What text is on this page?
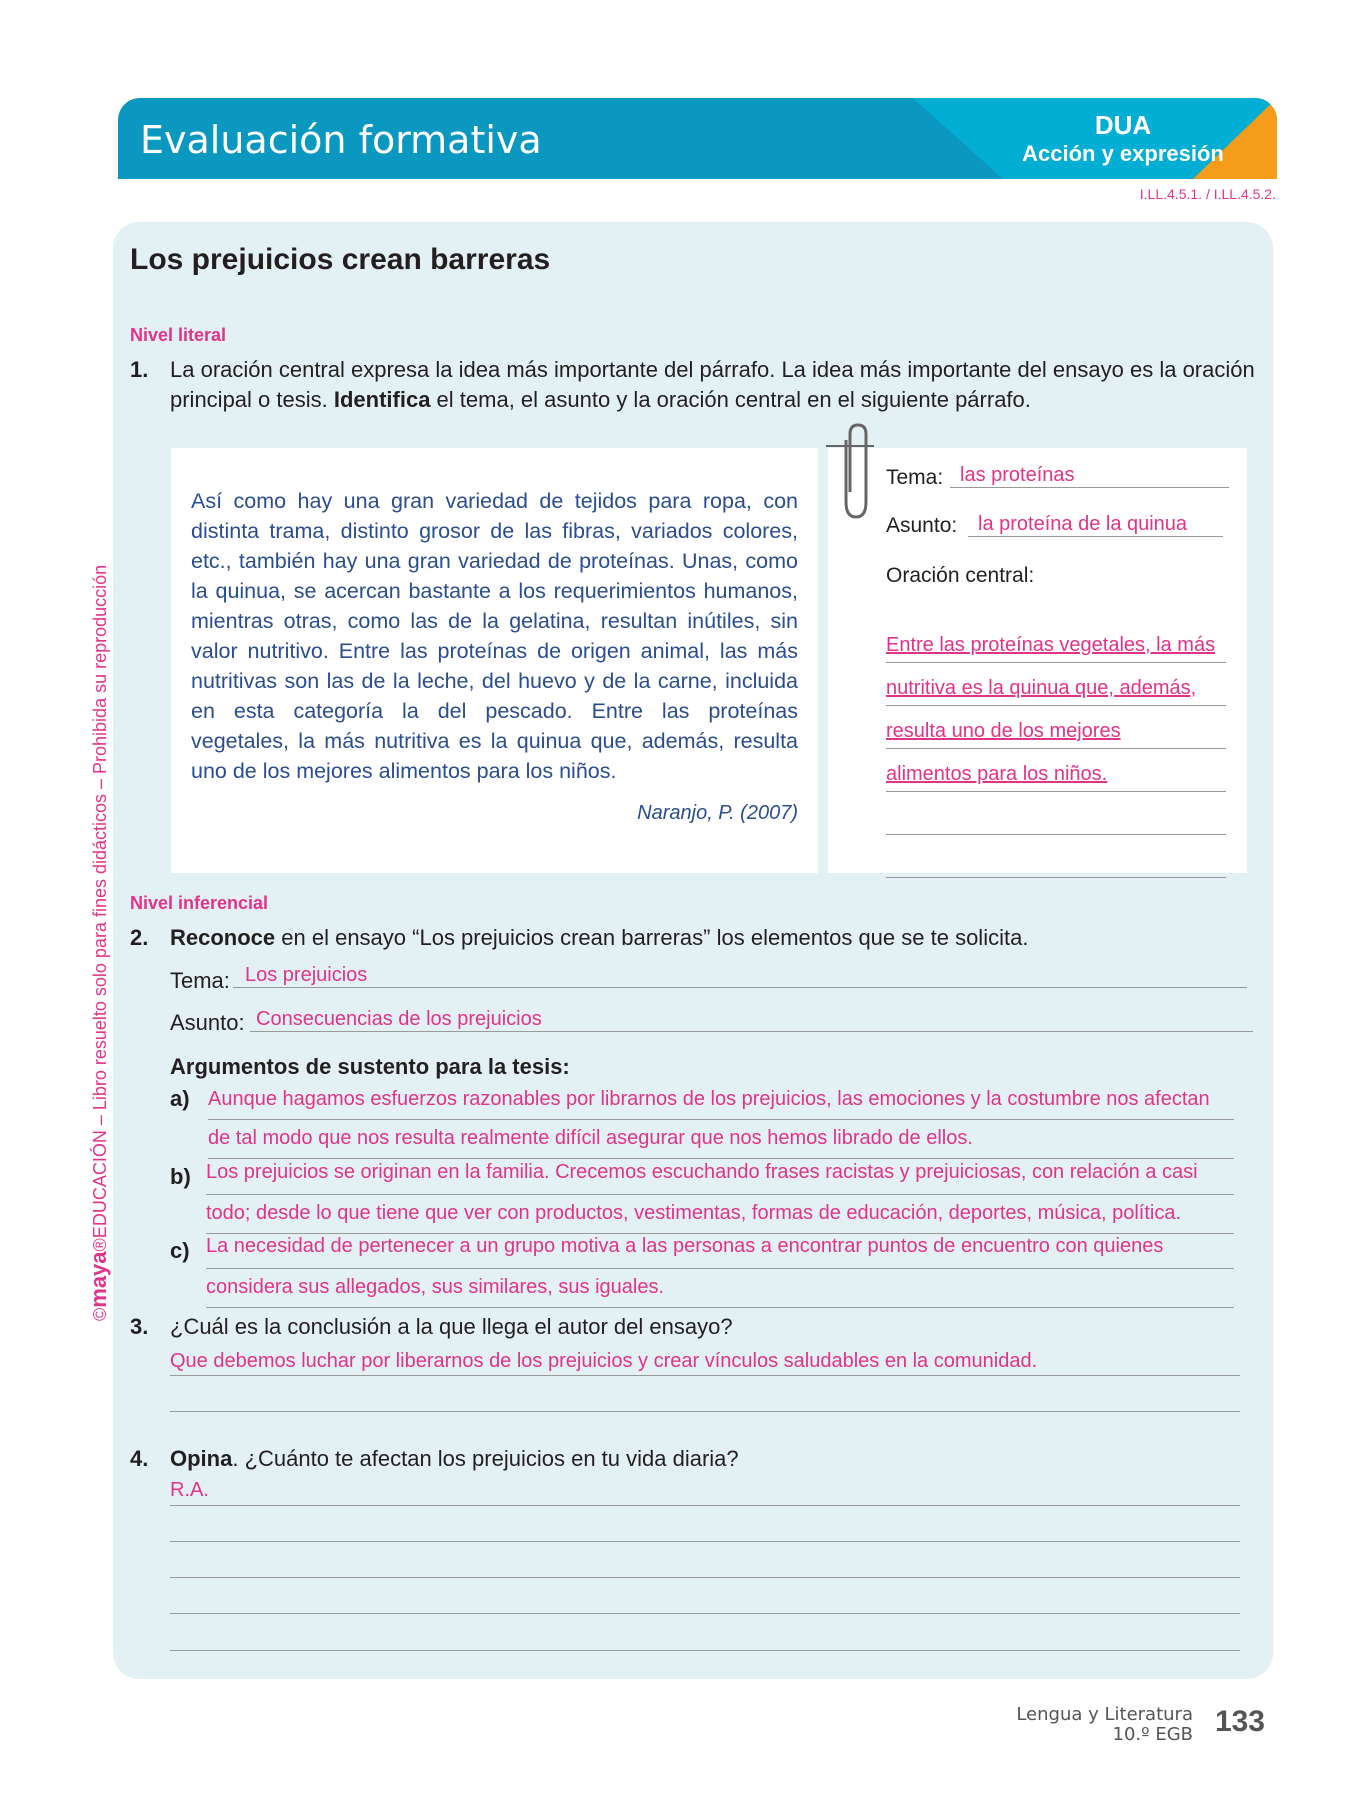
Evaluación formativa	DUA
Acción y expresión
I.LL.4.5.1. / I.LL.4.5.2.
©maya®EDUCACIÓN – Libro resuelto solo para fines didácticos – Prohibida su reproducción
Los prejuicios crean barreras
Nivel literal
1. La oración central expresa la idea más importante del párrafo. La idea más importante del ensayo es la oración
principal o tesis. Identifica el tema, el asunto y la oración central en el siguiente párrafo.

Así como hay una gran variedad de tejidos para ropa, con distinta trama, distinto grosor de las fibras, variados colores, etc., también hay una gran variedad de proteínas. Unas, como la quinua, se acercan bastante a los requerimientos humanos, mientras otras, como las de la gelatina, resultan inútiles, sin valor nutritivo. Entre las proteínas de origen animal, las más nutritivas son las de la leche, del huevo y de la carne, incluida en esta categoría la del pescado. Entre las proteínas vegetales, la más nutritiva es la quinua que, además, resulta uno de los mejores alimentos para los niños.

Naranjo, P. (2007)

Tema: las proteínas
Asunto:	la proteína de la quinua
Oración central:
Entre las proteínas vegetales, la más
nutritiva es la quinua que, además,
resulta uno de los mejores
alimentos para los niños.
Nivel inferencial
2. Reconoce en el ensayo “Los prejuicios crean barreras” los elementos que se te solicita.
Tema: Los prejuicios
Asunto: Consecuencias de los prejuicios
Argumentos de sustento para la tesis:
a) Aunque hagamos esfuerzos razonables por librarnos de los prejuicios, las emociones y la costumbre nos afectan
de tal modo que nos resulta realmente difícil asegurar que nos hemos librado de ellos.
b) Los prejuicios se originan en la familia. Crecemos escuchando frases racistas y prejuiciosas, con relación a casi
todo; desde lo que tiene que ver con productos, vestimentas, formas de educación, deportes, música, política.
c) La necesidad de pertenecer a un grupo motiva a las personas a encontrar puntos de encuentro con quienes
considera sus allegados, sus similares, sus iguales.
3. ¿Cuál es la conclusión a la que llega el autor del ensayo?
Que debemos luchar por liberarnos de los prejuicios y crear vínculos saludables en la comunidad.
4. Opina. ¿Cuánto te afectan los prejuicios en tu vida diaria?
R.A.
Lengua y Literatura
10.º EGB 133
